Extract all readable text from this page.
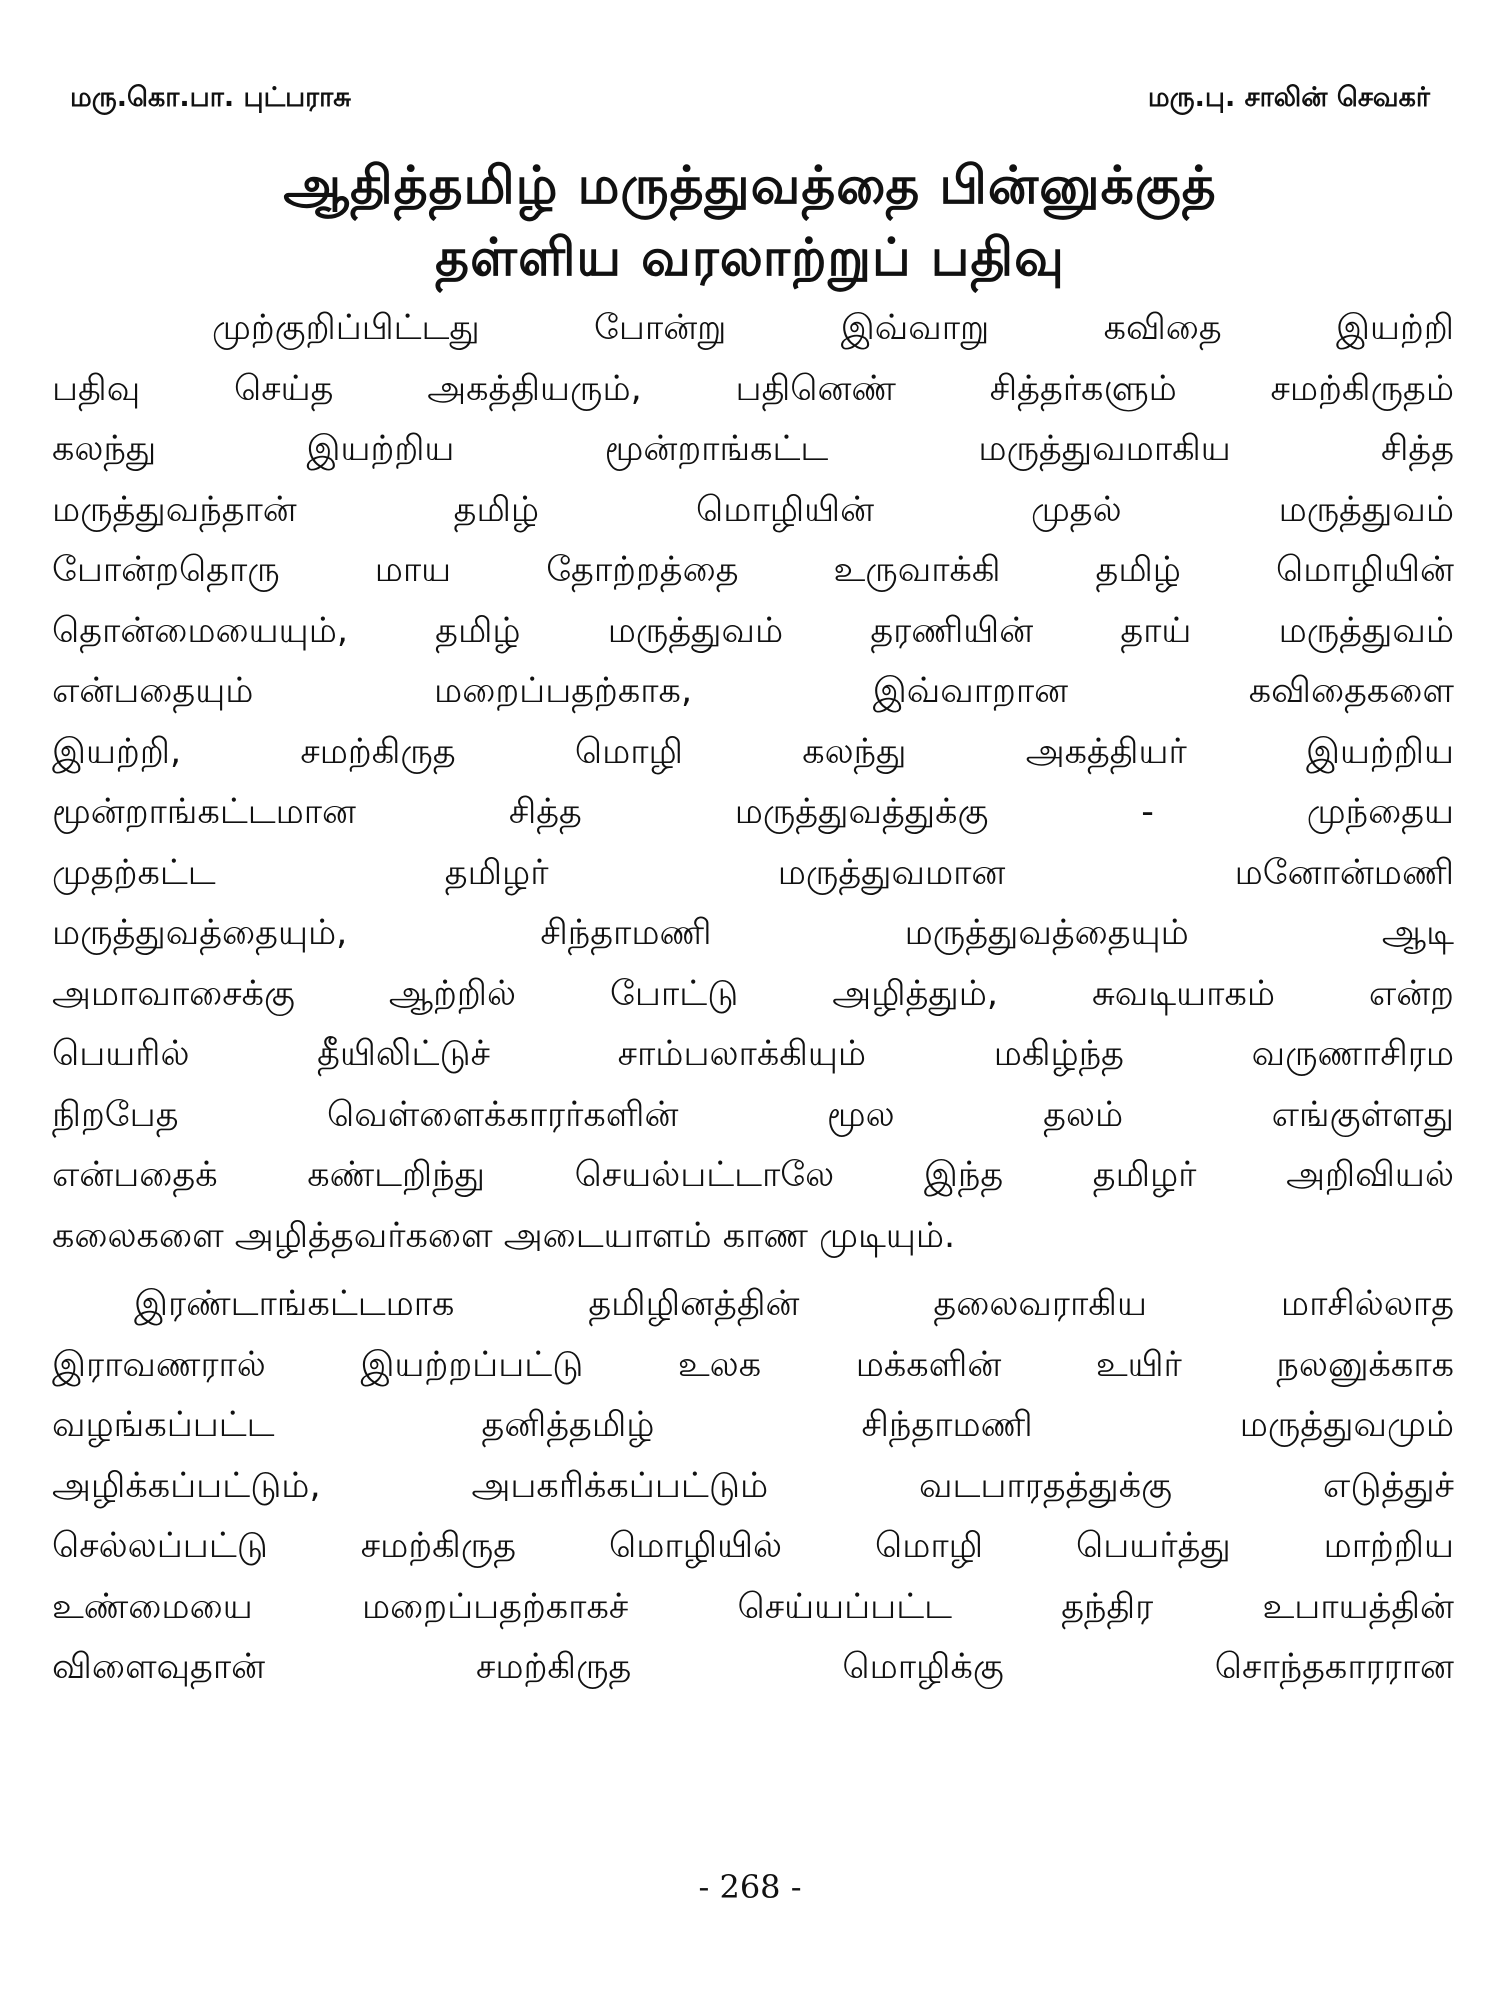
மரு.கொ.பா. புட்பராசு	மரு.பு. சாலின் செவகர்
ஆதித்தமிழ் மருத்துவத்தை பின்னுக்குத்
தள்ளிய வரலாற்றுப் பதிவு
முற்குறிப்பிட்டது போன்று இவ்வாறு கவிதை இயற்றி
பதிவு செய்த அகத்தியரும், பதினெண் சித்தர்களும் சமற்கிருதம்
கலந்து இயற்றிய மூன்றாங்கட்ட மருத்துவமாகிய சித்த
மருத்துவந்தான் தமிழ் மொழியின் முதல் மருத்துவம்
போன்றதொரு மாய தோற்றத்தை உருவாக்கி தமிழ் மொழியின்
தொன்மையையும், தமிழ் மருத்துவம் தரணியின் தாய் மருத்துவம்
என்பதையும் மறைப்பதற்காக, இவ்வாறான கவிதைகளை
இயற்றி, சமற்கிருத மொழி கலந்து அகத்தியர் இயற்றிய
மூன்றாங்கட்டமான சித்த மருத்துவத்துக்கு - முந்தைய
முதற்கட்ட தமிழர் மருத்துவமான மனோன்மணி
மருத்துவத்தையும், சிந்தாமணி மருத்துவத்தையும் ஆடி
அமாவாசைக்கு ஆற்றில் போட்டு அழித்தும், சுவடியாகம் என்ற
பெயரில் தீயிலிட்டுச் சாம்பலாக்கியும் மகிழ்ந்த வருணாசிரம
நிறபேத வெள்ளைக்காரர்களின் மூல தலம் எங்குள்ளது
என்பதைக் கண்டறிந்து செயல்பட்டாலே இந்த தமிழர் அறிவியல்
கலைகளை அழித்தவர்களை அடையாளம் காண முடியும்.
இரண்டாங்கட்டமாக தமிழினத்தின் தலைவராகிய மாசில்லாத
இராவணரால் இயற்றப்பட்டு உலக மக்களின் உயிர் நலனுக்காக
வழங்கப்பட்ட தனித்தமிழ் சிந்தாமணி மருத்துவமும்
அழிக்கப்பட்டும், அபகரிக்கப்பட்டும் வடபாரதத்துக்கு எடுத்துச்
செல்லப்பட்டு சமற்கிருத மொழியில் மொழி பெயர்த்து மாற்றிய
உண்மையை மறைப்பதற்காகச் செய்யப்பட்ட தந்திர உபாயத்தின்
விளைவுதான் சமற்கிருத மொழிக்கு சொந்தகாரரான
- 268 -
